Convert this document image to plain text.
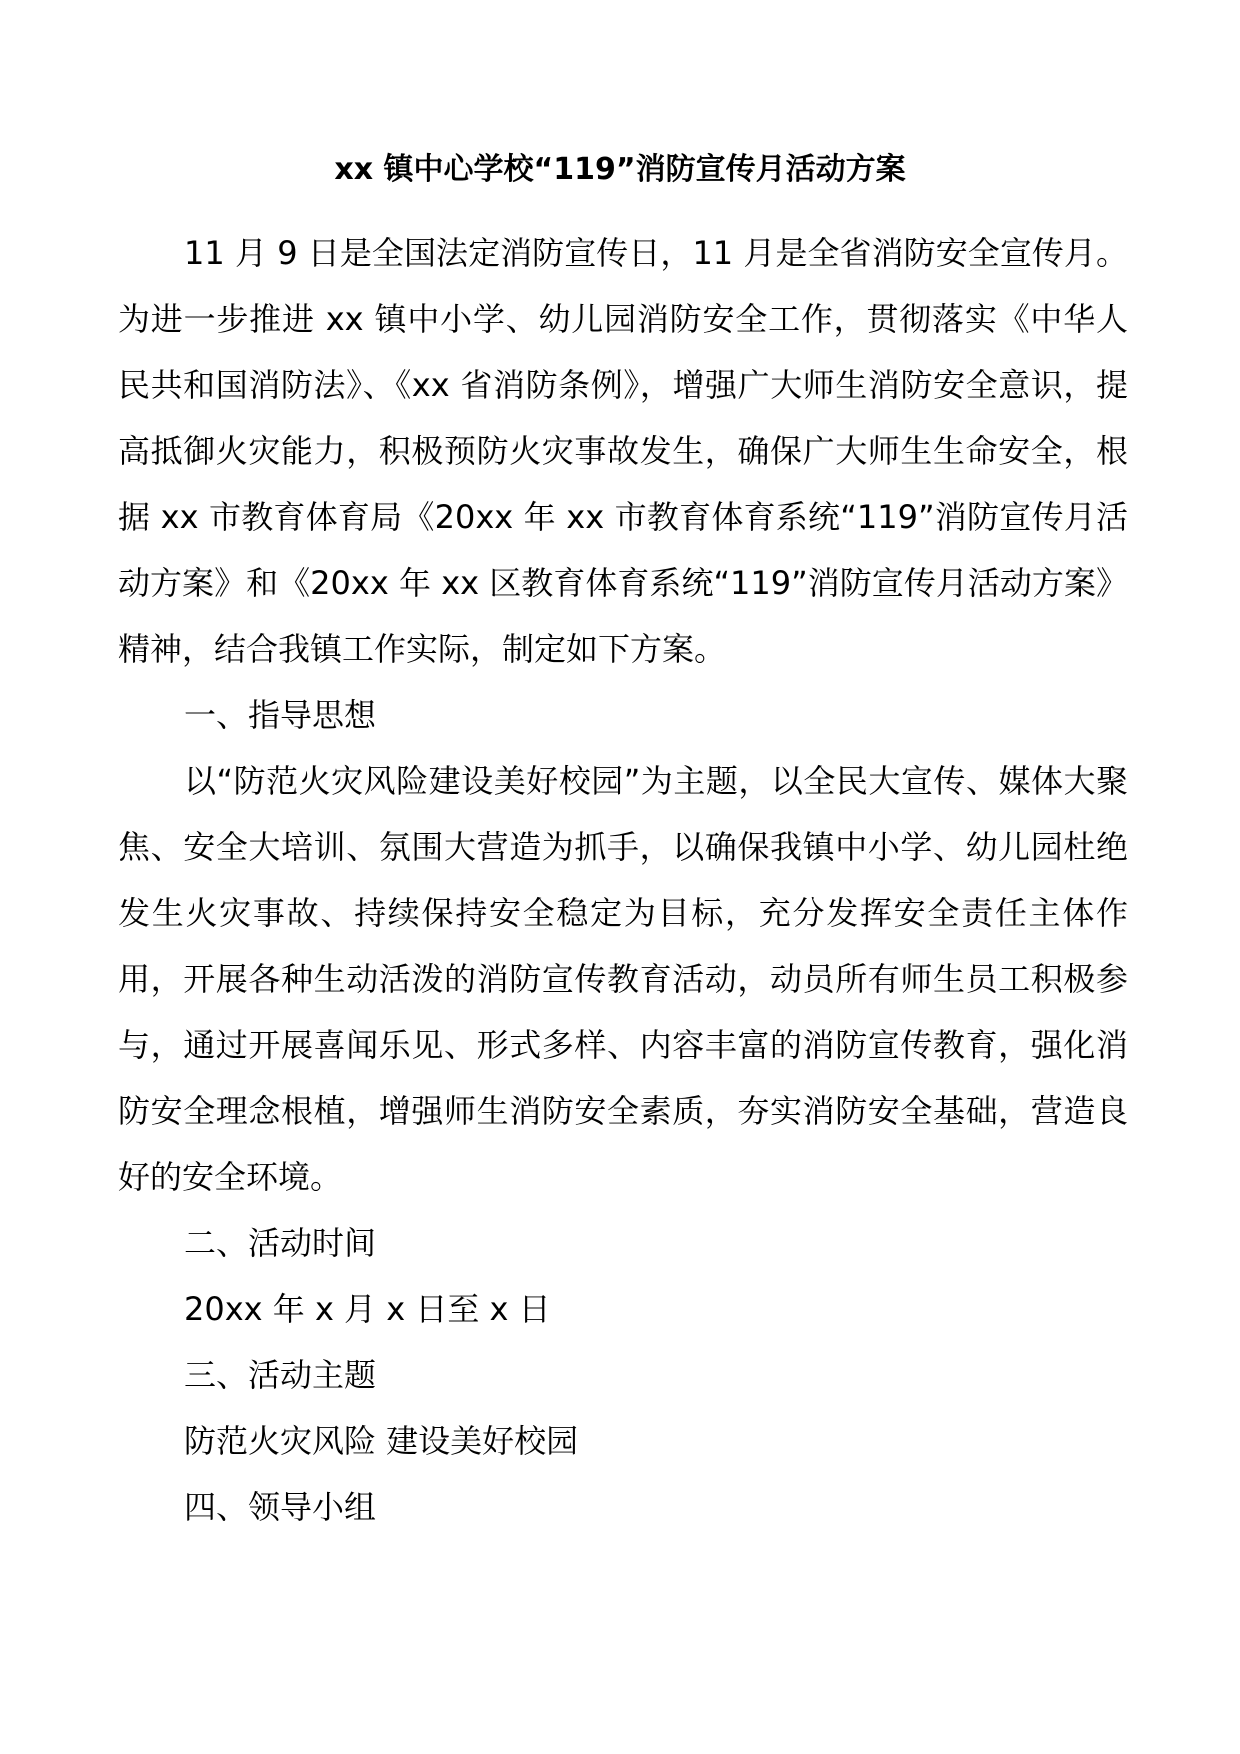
xx 镇中心学校“119”消防宣传月活动方案

11 月 9 日是全国法定消防宣传日，11 月是全省消防安全宣传月。为进一步推进 xx 镇中小学、幼儿园消防安全工作，贯彻落实《中华人民共和国消防法》、《xx 省消防条例》，增强广大师生消防安全意识，提高抵御火灾能力，积极预防火灾事故发生，确保广大师生生命安全，根据 xx 市教育体育局《20xx 年 xx 市教育体育系统“119”消防宣传月活动方案》和《20xx 年 xx 区教育体育系统“119”消防宣传月活动方案》精神，结合我镇工作实际，制定如下方案。

一、指导思想

以“防范火灾风险建设美好校园”为主题，以全民大宣传、媒体大聚焦、安全大培训、氛围大营造为抓手，以确保我镇中小学、幼儿园杜绝发生火灾事故、持续保持安全稳定为目标，充分发挥安全责任主体作用，开展各种生动活泼的消防宣传教育活动，动员所有师生员工积极参与，通过开展喜闻乐见、形式多样、内容丰富的消防宣传教育，强化消防安全理念根植，增强师生消防安全素质，夯实消防安全基础，营造良好的安全环境。

二、活动时间

20xx 年 x 月 x 日至 x 日

三、活动主题

防范火灾风险 建设美好校园

四、领导小组
